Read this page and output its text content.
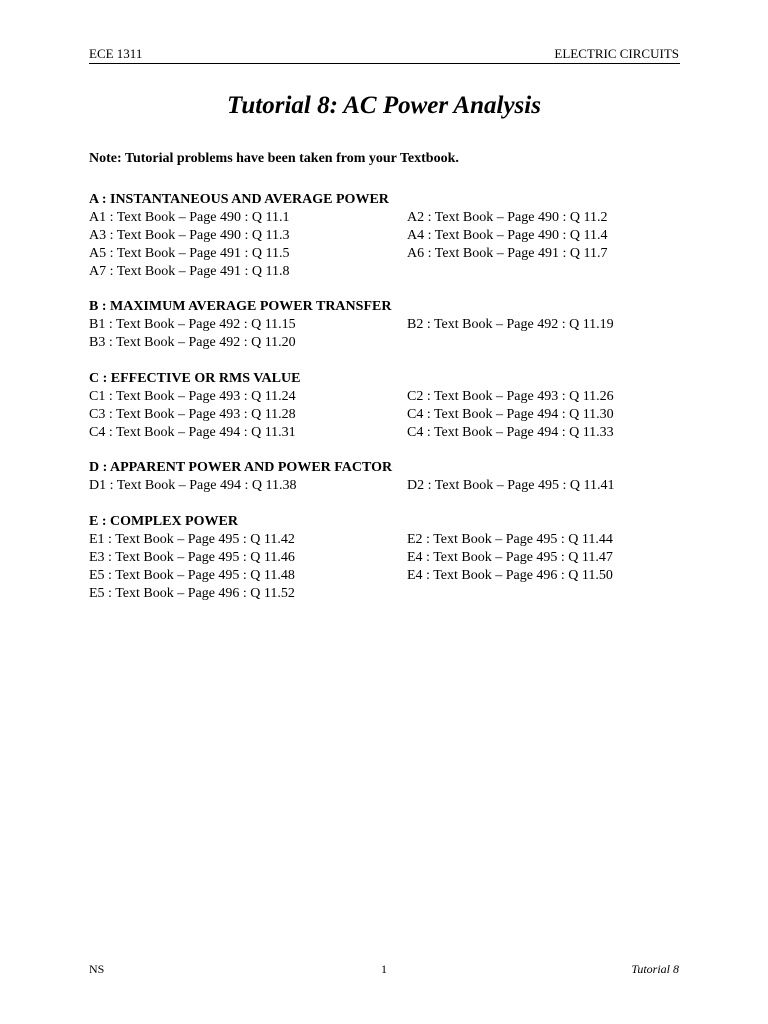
ECE 1311	ELECTRIC CIRCUITS
Tutorial 8: AC Power Analysis
Note: Tutorial problems have been taken from your Textbook.
A : INSTANTANEOUS AND AVERAGE POWER
A1 : Text Book – Page 490 : Q 11.1	A2 : Text Book – Page 490 : Q 11.2
A3 : Text Book – Page 490 : Q 11.3	A4 : Text Book – Page 490 : Q 11.4
A5 : Text Book – Page 491 : Q 11.5	A6 : Text Book – Page 491 : Q 11.7
A7 : Text Book – Page 491 : Q 11.8
B : MAXIMUM AVERAGE POWER TRANSFER
B1 : Text Book – Page 492 : Q 11.15	B2 : Text Book – Page 492 : Q 11.19
B3 : Text Book – Page 492 : Q 11.20
C : EFFECTIVE OR RMS VALUE
C1 : Text Book – Page 493 : Q 11.24	C2 : Text Book – Page 493 : Q 11.26
C3 : Text Book – Page 493 : Q 11.28	C4 : Text Book – Page 494 : Q 11.30
C4 : Text Book – Page 494 : Q 11.31	C4 : Text Book – Page 494 : Q 11.33
D : APPARENT POWER AND POWER FACTOR
D1 : Text Book – Page 494 : Q 11.38	D2 : Text Book – Page 495 : Q 11.41
E : COMPLEX POWER
E1 : Text Book – Page 495 : Q 11.42	E2 : Text Book – Page 495 : Q 11.44
E3 : Text Book – Page 495 : Q 11.46	E4 : Text Book – Page 495 : Q 11.47
E5 : Text Book – Page 495 : Q 11.48	E4 : Text Book – Page 496 : Q 11.50
E5 : Text Book – Page 496 : Q 11.52
NS	1	Tutorial 8
